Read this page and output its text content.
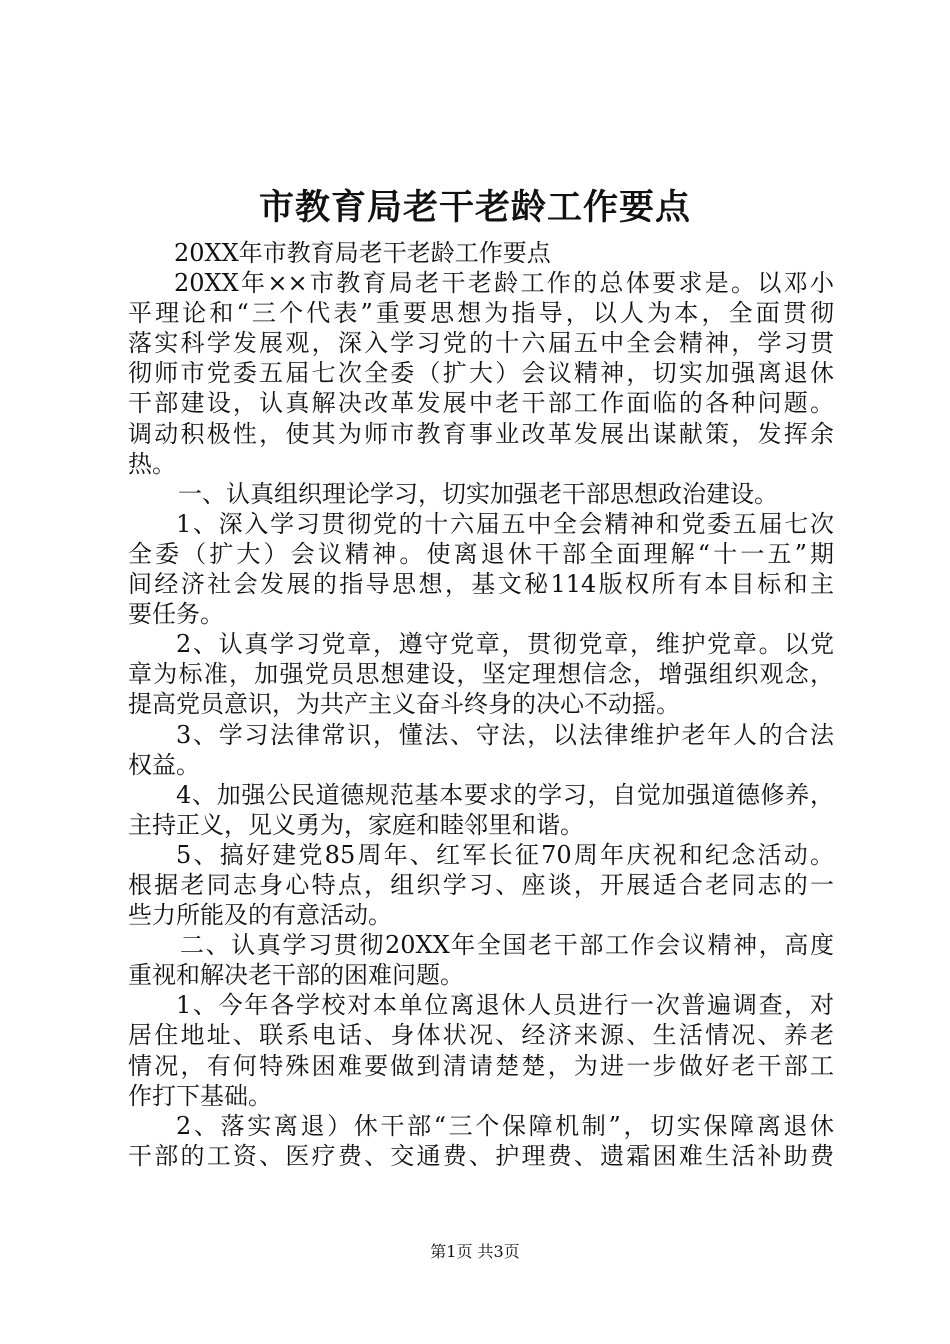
市教育局老干老龄工作要点
20XX年市教育局老干老龄工作要点
20XX年××市教育局老干老龄工作的总体要求是。以邓小
平理论和“三个代表”重要思想为指导，以人为本，全面贯彻
落实科学发展观，深入学习党的十六届五中全会精神，学习贯
彻师市党委五届七次全委（扩大）会议精神，切实加强离退休
干部建设，认真解决改革发展中老干部工作面临的各种问题。
调动积极性，使其为师市教育事业改革发展出谋献策，发挥余
热。
一、认真组织理论学习，切实加强老干部思想政治建设。
1、深入学习贯彻党的十六届五中全会精神和党委五届七次
全委（扩大）会议精神。使离退休干部全面理解“十一五”期
间经济社会发展的指导思想，基文秘114版权所有本目标和主
要任务。
2、认真学习党章，遵守党章，贯彻党章，维护党章。以党
章为标准，加强党员思想建设，坚定理想信念，增强组织观念，
提高党员意识，为共产主义奋斗终身的决心不动摇。
3、学习法律常识，懂法、守法，以法律维护老年人的合法
权益。
4、加强公民道德规范基本要求的学习，自觉加强道德修养，
主持正义，见义勇为，家庭和睦邻里和谐。
5、搞好建党85周年、红军长征70周年庆祝和纪念活动。
根据老同志身心特点，组织学习、座谈，开展适合老同志的一
些力所能及的有意活动。
二、认真学习贯彻20XX年全国老干部工作会议精神，高度
重视和解决老干部的困难问题。
1、今年各学校对本单位离退休人员进行一次普遍调查，对
居住地址、联系电话、身体状况、经济来源、生活情况、养老
情况，有何特殊困难要做到清请楚楚，为进一步做好老干部工
作打下基础。
2、落实离退）休干部“三个保障机制”，切实保障离退休
干部的工资、医疗费、交通费、护理费、遗霜困难生活补助费
第1页 共3页
